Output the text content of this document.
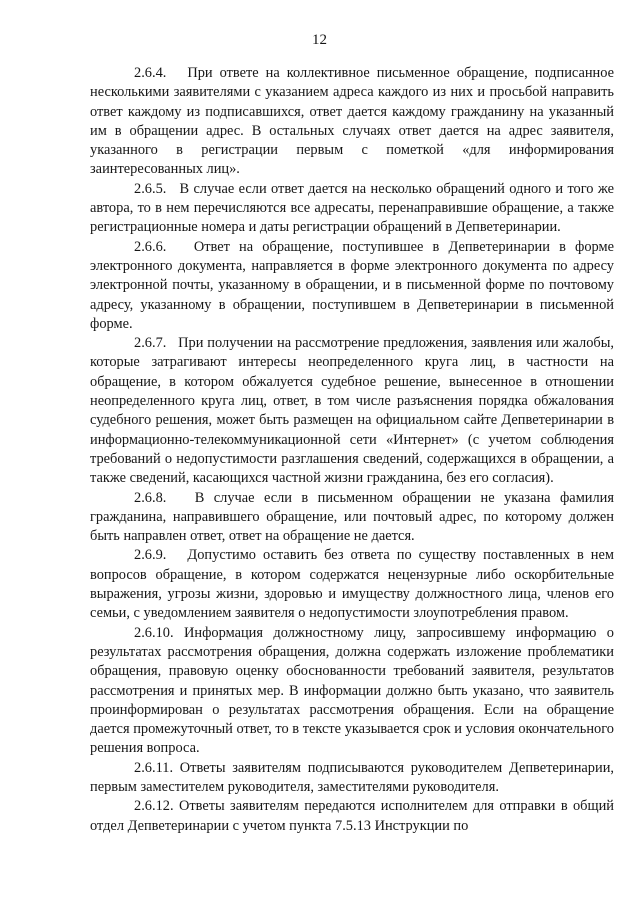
12

2.6.4. При ответе на коллективное письменное обращение, подписанное несколькими заявителями с указанием адреса каждого из них и просьбой направить ответ каждому из подписавшихся, ответ дается каждому гражданину на указанный им в обращении адрес. В остальных случаях ответ дается на адрес заявителя, указанного в регистрации первым с пометкой «для информирования заинтересованных лиц».

2.6.5. В случае если ответ дается на несколько обращений одного и того же автора, то в нем перечисляются все адресаты, перенаправившие обращение, а также регистрационные номера и даты регистрации обращений в Депветеринарии.

2.6.6. Ответ на обращение, поступившее в Депветеринарии в форме электронного документа, направляется в форме электронного документа по адресу электронной почты, указанному в обращении, и в письменной форме по почтовому адресу, указанному в обращении, поступившем в Депветеринарии в письменной форме.

2.6.7. При получении на рассмотрение предложения, заявления или жалобы, которые затрагивают интересы неопределенного круга лиц, в частности на обращение, в котором обжалуется судебное решение, вынесенное в отношении неопределенного круга лиц, ответ, в том числе разъяснения порядка обжалования судебного решения, может быть размещен на официальном сайте Депветеринарии в информационно-телекоммуникационной сети «Интернет» (с учетом соблюдения требований о недопустимости разглашения сведений, содержащихся в обращении, а также сведений, касающихся частной жизни гражданина, без его согласия).

2.6.8. В случае если в письменном обращении не указана фамилия гражданина, направившего обращение, или почтовый адрес, по которому должен быть направлен ответ, ответ на обращение не дается.

2.6.9. Допустимо оставить без ответа по существу поставленных в нем вопросов обращение, в котором содержатся нецензурные либо оскорбительные выражения, угрозы жизни, здоровью и имуществу должностного лица, членов его семьи, с уведомлением заявителя о недопустимости злоупотребления правом.

2.6.10. Информация должностному лицу, запросившему информацию о результатах рассмотрения обращения, должна содержать изложение проблематики обращения, правовую оценку обоснованности требований заявителя, результатов рассмотрения и принятых мер. В информации должно быть указано, что заявитель проинформирован о результатах рассмотрения обращения. Если на обращение дается промежуточный ответ, то в тексте указывается срок и условия окончательного решения вопроса.

2.6.11. Ответы заявителям подписываются руководителем Депветеринарии, первым заместителем руководителя, заместителями руководителя.

2.6.12. Ответы заявителям передаются исполнителем для отправки в общий отдел Депветеринарии с учетом пункта 7.5.13 Инструкции по
